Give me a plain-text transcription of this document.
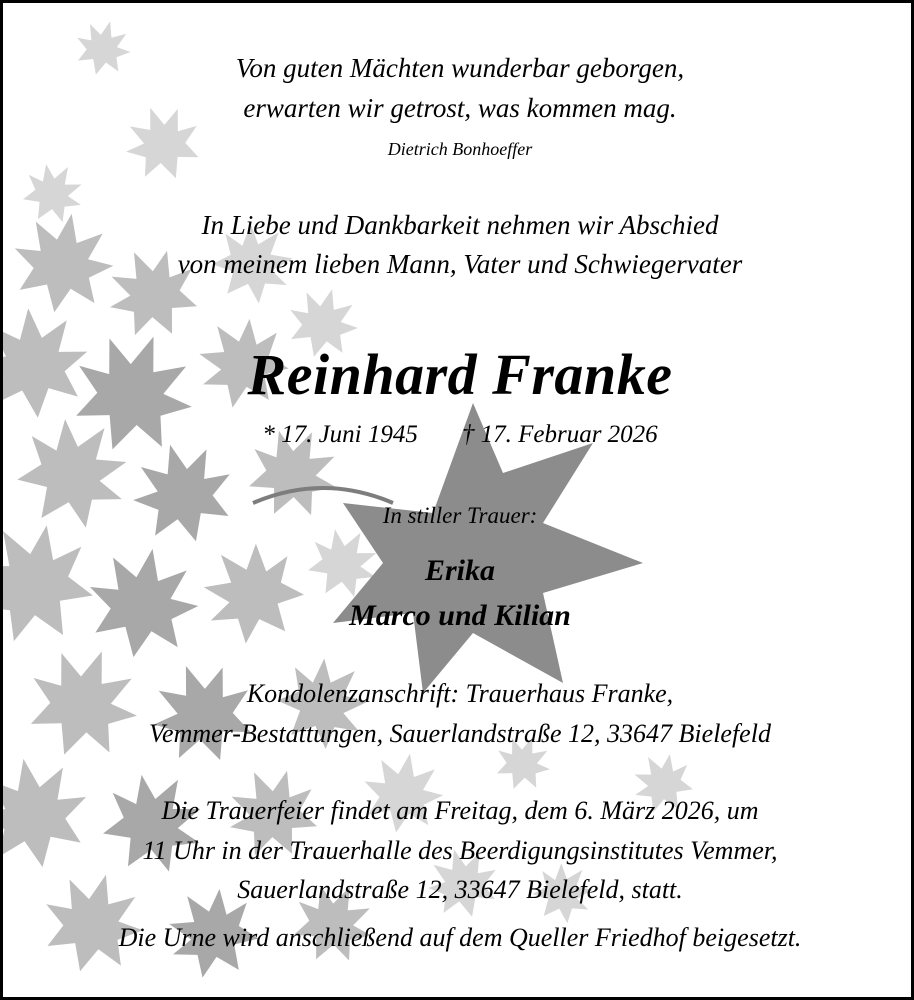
Von guten Mächten wunderbar geborgen,
erwarten wir getrost, was kommen mag.
Dietrich Bonhoeffer
In Liebe und Dankbarkeit nehmen wir Abschied
von meinem lieben Mann, Vater und Schwiegervater
Reinhard Franke
* 17. Juni 1945 † 17. Februar 2026
In stiller Trauer:
Erika
Marco und Kilian
Kondolenzanschrift: Trauerhaus Franke,
Vemmer-Bestattungen, Sauerlandstraße 12, 33647 Bielefeld
Die Trauerfeier findet am Freitag, dem 6. März 2026, um
11 Uhr in der Trauerhalle des Beerdigungsinstitutes Vemmer,
Sauerlandstraße 12, 33647 Bielefeld, statt.
Die Urne wird anschließend auf dem Queller Friedhof beigesetzt.
